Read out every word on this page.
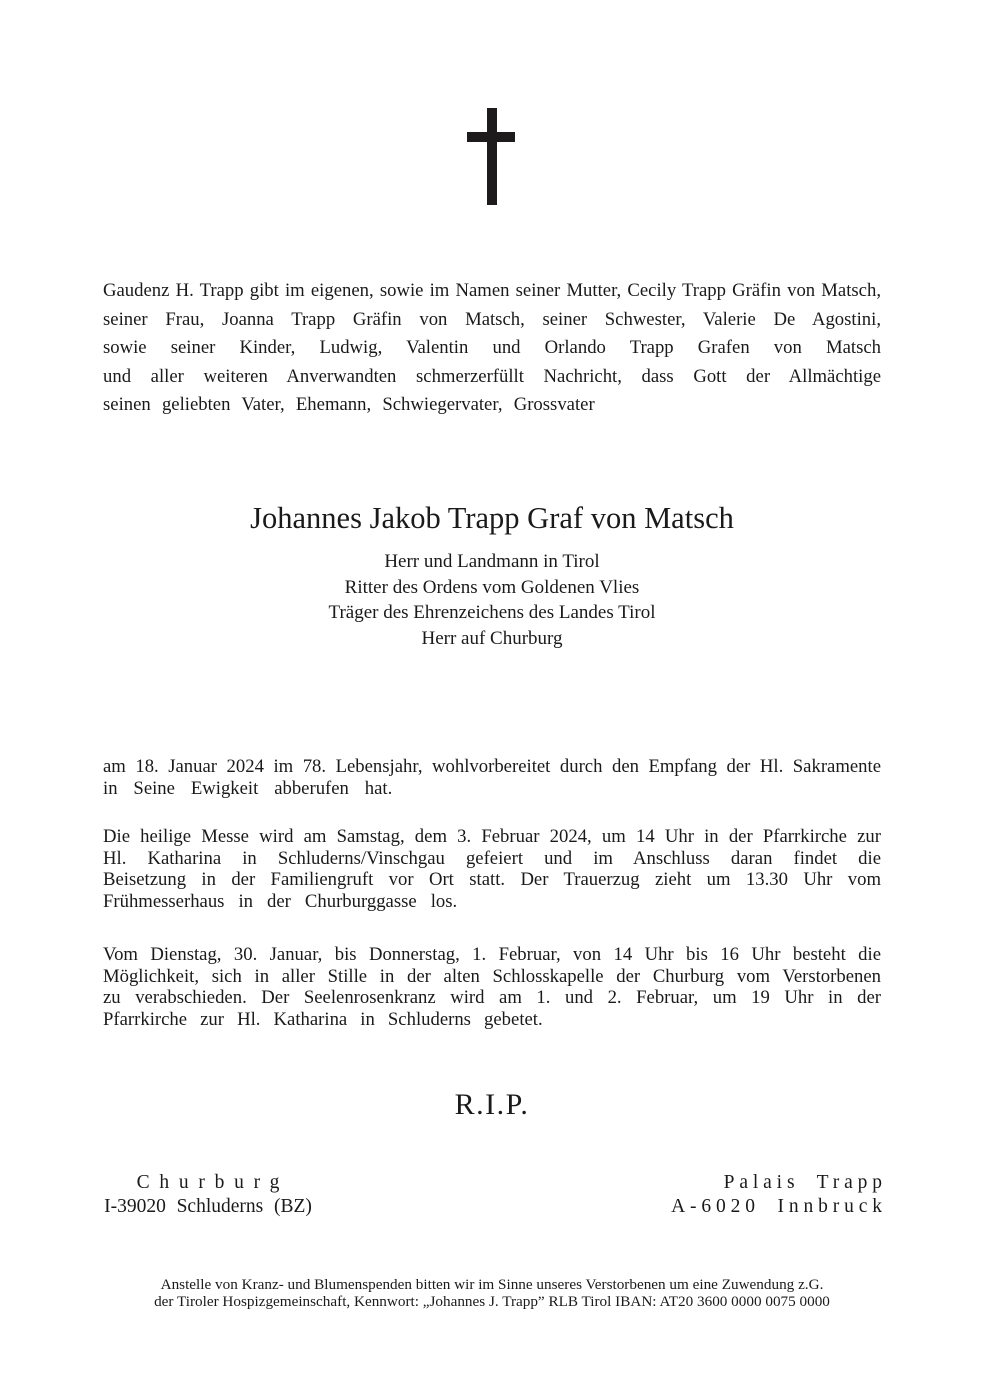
Gaudenz H. Trapp gibt im eigenen, sowie im Namen seiner Mutter, Cecily Trapp Gräfin von Matsch,
seiner Frau, Joanna Trapp Gräfin von Matsch, seiner Schwester, Valerie De Agostini,
sowie seiner Kinder, Ludwig, Valentin und Orlando Trapp Grafen von Matsch
und aller weiteren Anverwandten schmerzerfüllt Nachricht, dass Gott der Allmächtige
seinen geliebten Vater, Ehemann, Schwiegervater, Grossvater
Johannes Jakob Trapp Graf von Matsch
Herr und Landmann in Tirol
Ritter des Ordens vom Goldenen Vlies
Träger des Ehrenzeichens des Landes Tirol
Herr auf Churburg
am 18. Januar 2024 im 78. Lebensjahr, wohlvorbereitet durch den Empfang der Hl. Sakramente
in Seine Ewigkeit abberufen hat.
Die heilige Messe wird am Samstag, dem 3. Februar 2024, um 14 Uhr in der Pfarrkirche zur
Hl. Katharina in Schluderns/Vinschgau gefeiert und im Anschluss daran findet die
Beisetzung in der Familiengruft vor Ort statt. Der Trauerzug zieht um 13.30 Uhr vom
Frühmesserhaus in der Churburggasse los.
Vom Dienstag, 30. Januar, bis Donnerstag, 1. Februar, von 14 Uhr bis 16 Uhr besteht die
Möglichkeit, sich in aller Stille in der alten Schlosskapelle der Churburg vom Verstorbenen
zu verabschieden. Der Seelenrosenkranz wird am 1. und 2. Februar, um 19 Uhr in der
Pfarrkirche zur Hl. Katharina in Schluderns gebetet.
R.I.P.
Churburg
I-39020 Schluderns (BZ)
Palais Trapp
A-6020 Innbruck
Anstelle von Kranz- und Blumenspenden bitten wir im Sinne unseres Verstorbenen um eine Zuwendung z.G.
der Tiroler Hospizgemeinschaft, Kennwort: „Johannes J. Trapp” RLB Tirol IBAN: AT20 3600 0000 0075 0000
